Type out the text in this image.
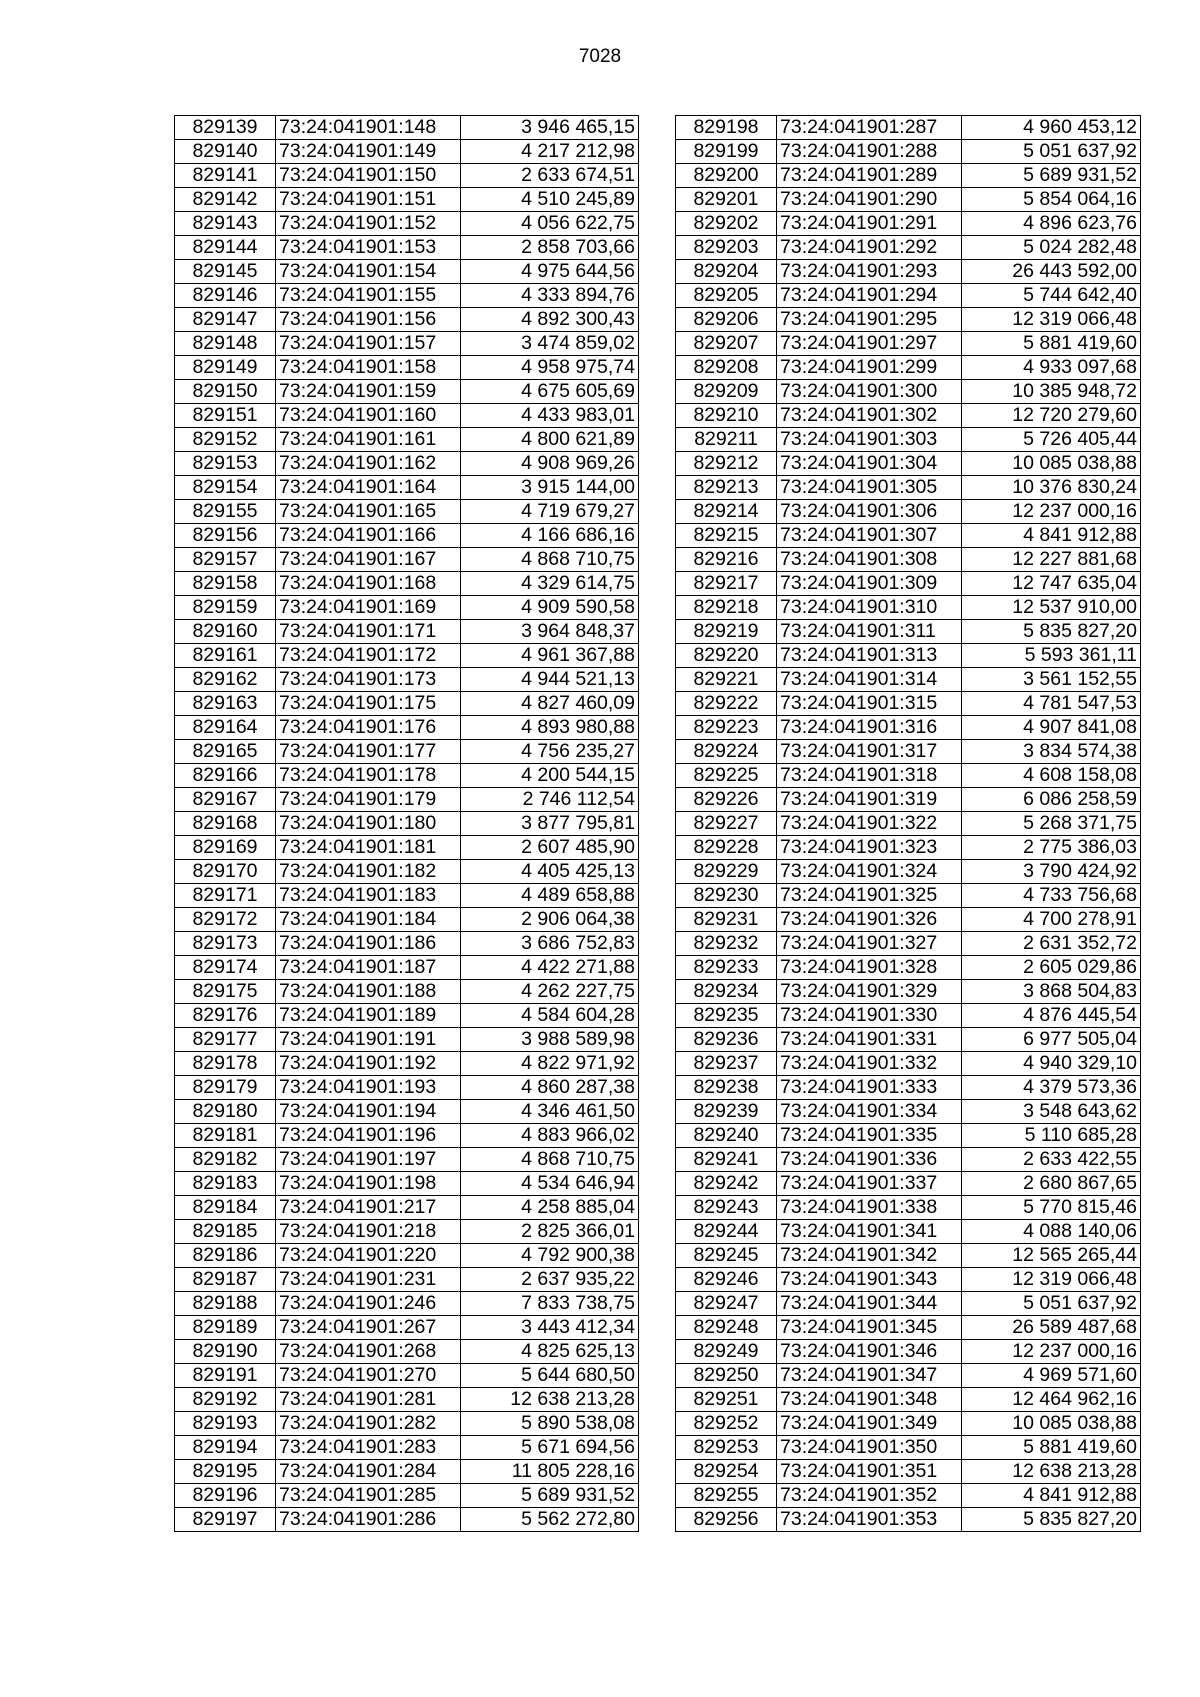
7028
829139	73:24:041901:148	3 946 465,15
829140	73:24:041901:149	4 217 212,98
829141	73:24:041901:150	2 633 674,51
829142	73:24:041901:151	4 510 245,89
829143	73:24:041901:152	4 056 622,75
829144	73:24:041901:153	2 858 703,66
829145	73:24:041901:154	4 975 644,56
829146	73:24:041901:155	4 333 894,76
829147	73:24:041901:156	4 892 300,43
829148	73:24:041901:157	3 474 859,02
829149	73:24:041901:158	4 958 975,74
829150	73:24:041901:159	4 675 605,69
829151	73:24:041901:160	4 433 983,01
829152	73:24:041901:161	4 800 621,89
829153	73:24:041901:162	4 908 969,26
829154	73:24:041901:164	3 915 144,00
829155	73:24:041901:165	4 719 679,27
829156	73:24:041901:166	4 166 686,16
829157	73:24:041901:167	4 868 710,75
829158	73:24:041901:168	4 329 614,75
829159	73:24:041901:169	4 909 590,58
829160	73:24:041901:171	3 964 848,37
829161	73:24:041901:172	4 961 367,88
829162	73:24:041901:173	4 944 521,13
829163	73:24:041901:175	4 827 460,09
829164	73:24:041901:176	4 893 980,88
829165	73:24:041901:177	4 756 235,27
829166	73:24:041901:178	4 200 544,15
829167	73:24:041901:179	2 746 112,54
829168	73:24:041901:180	3 877 795,81
829169	73:24:041901:181	2 607 485,90
829170	73:24:041901:182	4 405 425,13
829171	73:24:041901:183	4 489 658,88
829172	73:24:041901:184	2 906 064,38
829173	73:24:041901:186	3 686 752,83
829174	73:24:041901:187	4 422 271,88
829175	73:24:041901:188	4 262 227,75
829176	73:24:041901:189	4 584 604,28
829177	73:24:041901:191	3 988 589,98
829178	73:24:041901:192	4 822 971,92
829179	73:24:041901:193	4 860 287,38
829180	73:24:041901:194	4 346 461,50
829181	73:24:041901:196	4 883 966,02
829182	73:24:041901:197	4 868 710,75
829183	73:24:041901:198	4 534 646,94
829184	73:24:041901:217	4 258 885,04
829185	73:24:041901:218	2 825 366,01
829186	73:24:041901:220	4 792 900,38
829187	73:24:041901:231	2 637 935,22
829188	73:24:041901:246	7 833 738,75
829189	73:24:041901:267	3 443 412,34
829190	73:24:041901:268	4 825 625,13
829191	73:24:041901:270	5 644 680,50
829192	73:24:041901:281	12 638 213,28
829193	73:24:041901:282	5 890 538,08
829194	73:24:041901:283	5 671 694,56
829195	73:24:041901:284	11 805 228,16
829196	73:24:041901:285	5 689 931,52
829197	73:24:041901:286	5 562 272,80
829198	73:24:041901:287	4 960 453,12
829199	73:24:041901:288	5 051 637,92
829200	73:24:041901:289	5 689 931,52
829201	73:24:041901:290	5 854 064,16
829202	73:24:041901:291	4 896 623,76
829203	73:24:041901:292	5 024 282,48
829204	73:24:041901:293	26 443 592,00
829205	73:24:041901:294	5 744 642,40
829206	73:24:041901:295	12 319 066,48
829207	73:24:041901:297	5 881 419,60
829208	73:24:041901:299	4 933 097,68
829209	73:24:041901:300	10 385 948,72
829210	73:24:041901:302	12 720 279,60
829211	73:24:041901:303	5 726 405,44
829212	73:24:041901:304	10 085 038,88
829213	73:24:041901:305	10 376 830,24
829214	73:24:041901:306	12 237 000,16
829215	73:24:041901:307	4 841 912,88
829216	73:24:041901:308	12 227 881,68
829217	73:24:041901:309	12 747 635,04
829218	73:24:041901:310	12 537 910,00
829219	73:24:041901:311	5 835 827,20
829220	73:24:041901:313	5 593 361,11
829221	73:24:041901:314	3 561 152,55
829222	73:24:041901:315	4 781 547,53
829223	73:24:041901:316	4 907 841,08
829224	73:24:041901:317	3 834 574,38
829225	73:24:041901:318	4 608 158,08
829226	73:24:041901:319	6 086 258,59
829227	73:24:041901:322	5 268 371,75
829228	73:24:041901:323	2 775 386,03
829229	73:24:041901:324	3 790 424,92
829230	73:24:041901:325	4 733 756,68
829231	73:24:041901:326	4 700 278,91
829232	73:24:041901:327	2 631 352,72
829233	73:24:041901:328	2 605 029,86
829234	73:24:041901:329	3 868 504,83
829235	73:24:041901:330	4 876 445,54
829236	73:24:041901:331	6 977 505,04
829237	73:24:041901:332	4 940 329,10
829238	73:24:041901:333	4 379 573,36
829239	73:24:041901:334	3 548 643,62
829240	73:24:041901:335	5 110 685,28
829241	73:24:041901:336	2 633 422,55
829242	73:24:041901:337	2 680 867,65
829243	73:24:041901:338	5 770 815,46
829244	73:24:041901:341	4 088 140,06
829245	73:24:041901:342	12 565 265,44
829246	73:24:041901:343	12 319 066,48
829247	73:24:041901:344	5 051 637,92
829248	73:24:041901:345	26 589 487,68
829249	73:24:041901:346	12 237 000,16
829250	73:24:041901:347	4 969 571,60
829251	73:24:041901:348	12 464 962,16
829252	73:24:041901:349	10 085 038,88
829253	73:24:041901:350	5 881 419,60
829254	73:24:041901:351	12 638 213,28
829255	73:24:041901:352	4 841 912,88
829256	73:24:041901:353	5 835 827,20
